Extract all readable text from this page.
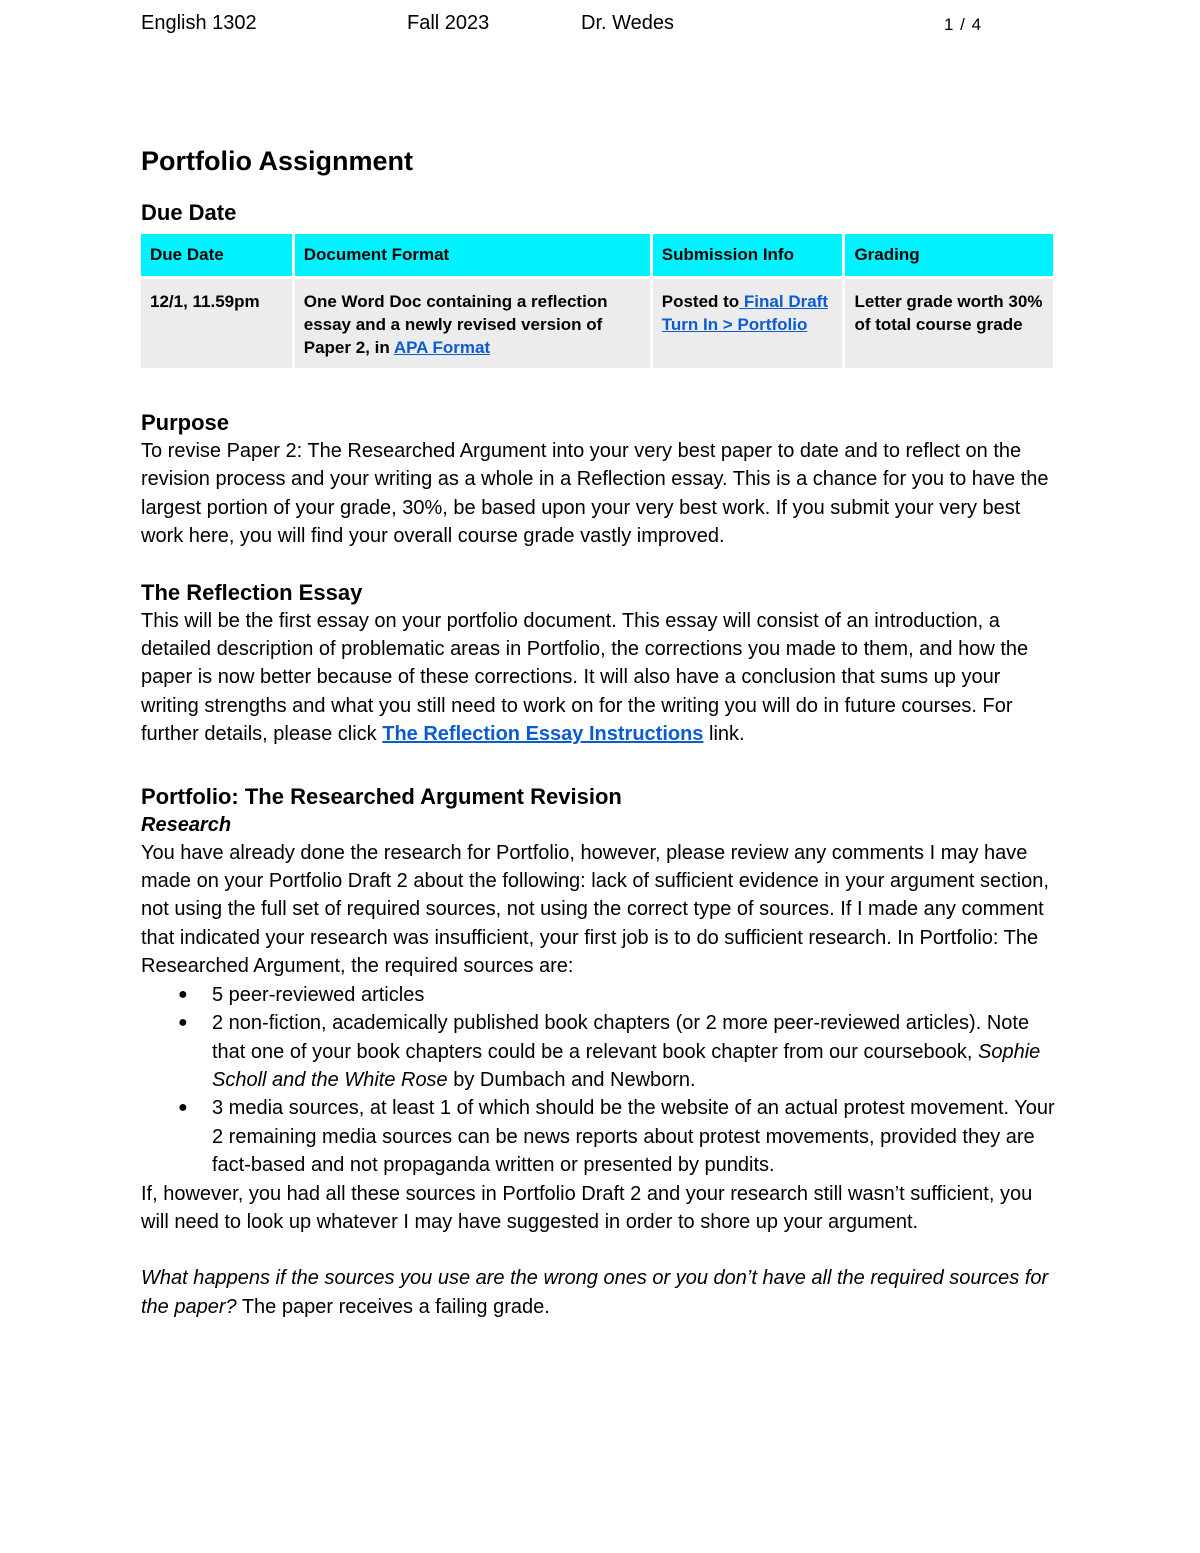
English 1302	Fall 2023	Dr. Wedes	1 / 4
Portfolio Assignment
Due Date
Due Date	Document Format	Submission Info	Grading
12/1, 11.59pm	One Word Doc containing a reflection essay and a newly revised version of Paper 2, in APA Format	Posted to Final Draft Turn In > Portfolio	Letter grade worth 30% of total course grade
Purpose

To revise Paper 2: The Researched Argument into your very best paper to date and to reflect on the revision process and your writing as a whole in a Reflection essay. This is a chance for you to have the largest portion of your grade, 30%, be based upon your very best work. If you submit your very best work here, you will find your overall course grade vastly improved.

The Reflection Essay

This will be the first essay on your portfolio document. This essay will consist of an introduction, a detailed description of problematic areas in Portfolio, the corrections you made to them, and how the paper is now better because of these corrections. It will also have a conclusion that sums up your writing strengths and what you still need to work on for the writing you will do in future courses. For further details, please click The Reflection Essay Instructions link.

Portfolio: The Researched Argument Revision
Research

You have already done the research for Portfolio, however, please review any comments I may have made on your Portfolio Draft 2 about the following: lack of sufficient evidence in your argument section, not using the full set of required sources, not using the correct type of sources. If I made any comment that indicated your research was insufficient, your first job is to do sufficient research. In Portfolio: The Researched Argument, the required sources are:

● 5 peer-reviewed articles
● 2 non-fiction, academically published book chapters (or 2 more peer-reviewed articles). Note that one of your book chapters could be a relevant book chapter from our coursebook, Sophie Scholl and the White Rose by Dumbach and Newborn.
● 3 media sources, at least 1 of which should be the website of an actual protest movement. Your 2 remaining media sources can be news reports about protest movements, provided they are fact-based and not propaganda written or presented by pundits.

If, however, you had all these sources in Portfolio Draft 2 and your research still wasn’t sufficient, you will need to look up whatever I may have suggested in order to shore up your argument.

What happens if the sources you use are the wrong ones or you don’t have all the required sources for the paper? The paper receives a failing grade.
